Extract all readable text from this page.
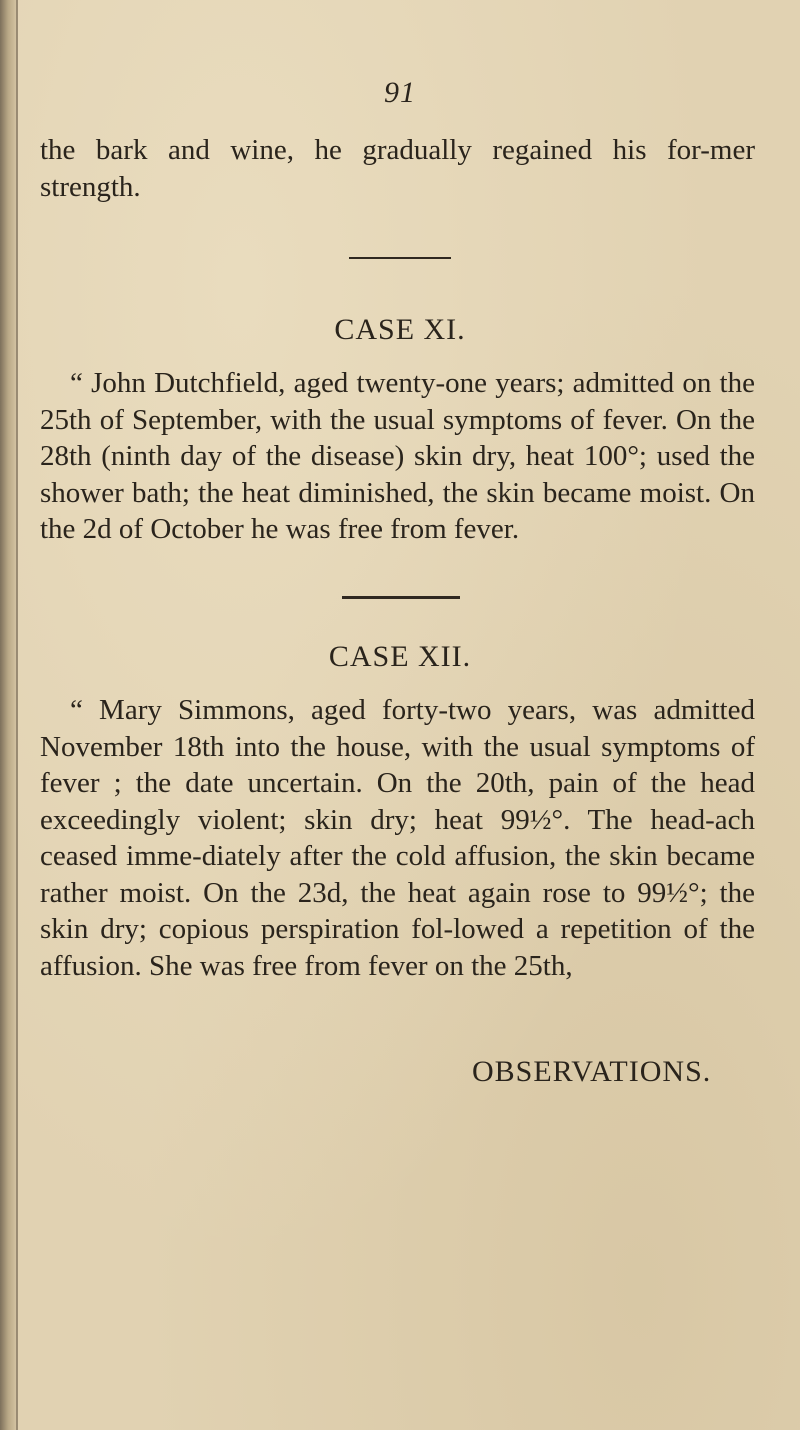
91

the bark and wine, he gradually regained his for-mer strength.

CASE XI.

“ John Dutchfield, aged twenty-one years; admitted on the 25th of September, with the usual symptoms of fever. On the 28th (ninth day of the disease) skin dry, heat 100°; used the shower bath; the heat diminished, the skin became moist. On the 2d of October he was free from fever.

CASE XII.

“ Mary Simmons, aged forty-two years, was admitted November 18th into the house, with the usual symptoms of fever ; the date uncertain. On the 20th, pain of the head exceedingly violent; skin dry; heat 99½°. The head-ach ceased imme-diately after the cold affusion, the skin became rather moist. On the 23d, the heat again rose to 99½°; the skin dry; copious perspiration fol-lowed a repetition of the affusion. She was free from fever on the 25th,

OBSERVATIONS.
